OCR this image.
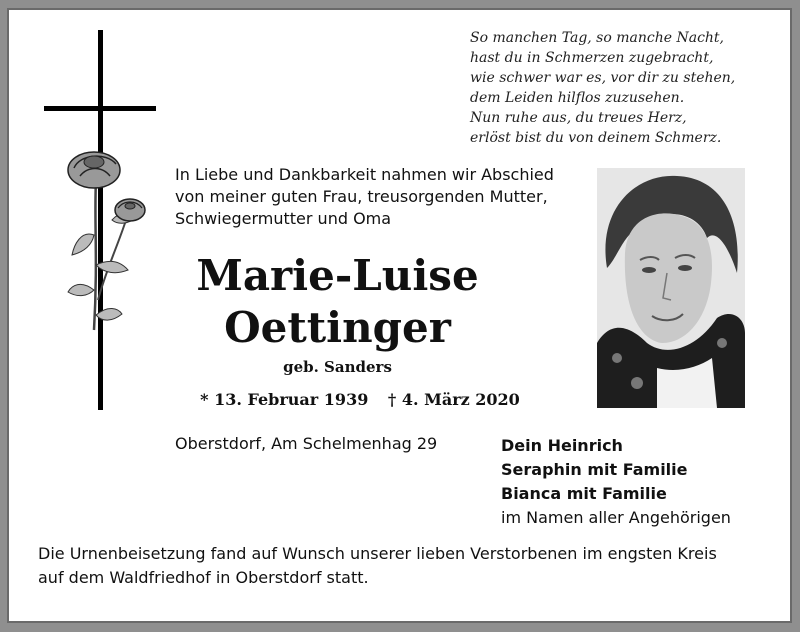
So manchen Tag, so manche Nacht,
hast du in Schmerzen zugebracht,
wie schwer war es, vor dir zu stehen,
dem Leiden hilflos zuzusehen.
Nun ruhe aus, du treues Herz,
erlöst bist du von deinem Schmerz.
In Liebe und Dankbarkeit nahmen wir Abschied
von meiner guten Frau, treusorgenden Mutter,
Schwiegermutter und Oma
Marie-Luise
Oettinger
geb. Sanders
* 13. Februar 1939 † 4. März 2020
Oberstdorf, Am Schelmenhag 29	Dein Heinrich
Seraphin mit Familie
Bianca mit Familie
im Namen aller Angehörigen
Die Urnenbeisetzung fand auf Wunsch unserer lieben Verstorbenen im engsten Kreis
auf dem Waldfriedhof in Oberstdorf statt.
